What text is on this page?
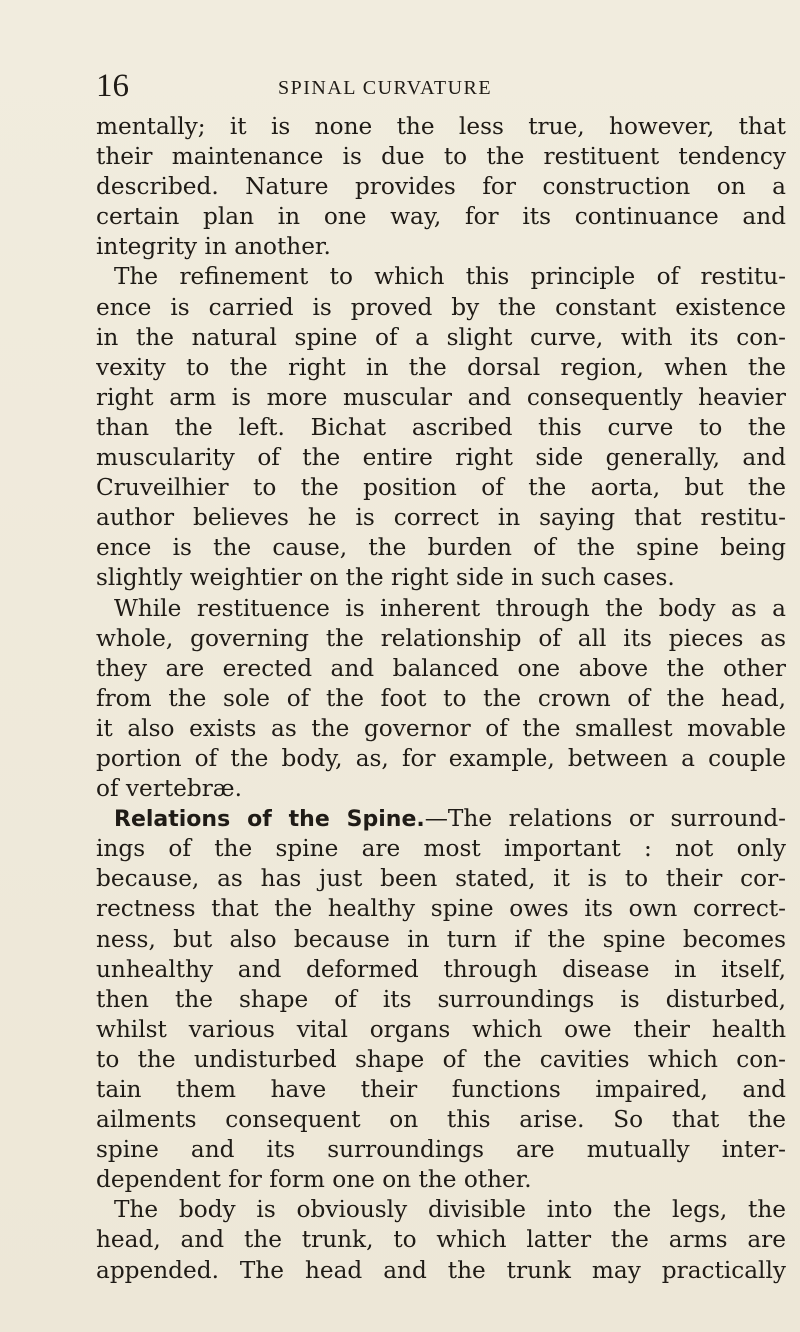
16	SPINAL CURVATURE
mentally; it is none the less true, however, that
their maintenance is due to the restituent tendency
described. Nature provides for construction on a
certain plan in one way, for its continuance and
integrity in another.
The refinement to which this principle of restitu-
ence is carried is proved by the constant existence
in the natural spine of a slight curve, with its con-
vexity to the right in the dorsal region, when the
right arm is more muscular and consequently heavier
than the left. Bichat ascribed this curve to the
muscularity of the entire right side generally, and
Cruveilhier to the position of the aorta, but the
author believes he is correct in saying that restitu-
ence is the cause, the burden of the spine being
slightly weightier on the right side in such cases.
While restituence is inherent through the body as a
whole, governing the relationship of all its pieces as
they are erected and balanced one above the other
from the sole of the foot to the crown of the head,
it also exists as the governor of the smallest movable
portion of the body, as, for example, between a couple
of vertebræ.
Relations of the Spine.—The relations or surround-
ings of the spine are most important : not only
because, as has just been stated, it is to their cor-
rectness that the healthy spine owes its own correct-
ness, but also because in turn if the spine becomes
unhealthy and deformed through disease in itself,
then the shape of its surroundings is disturbed,
whilst various vital organs which owe their health
to the undisturbed shape of the cavities which con-
tain them have their functions impaired, and
ailments consequent on this arise. So that the
spine and its surroundings are mutually inter-
dependent for form one on the other.
The body is obviously divisible into the legs, the
head, and the trunk, to which latter the arms are
appended. The head and the trunk may practically
